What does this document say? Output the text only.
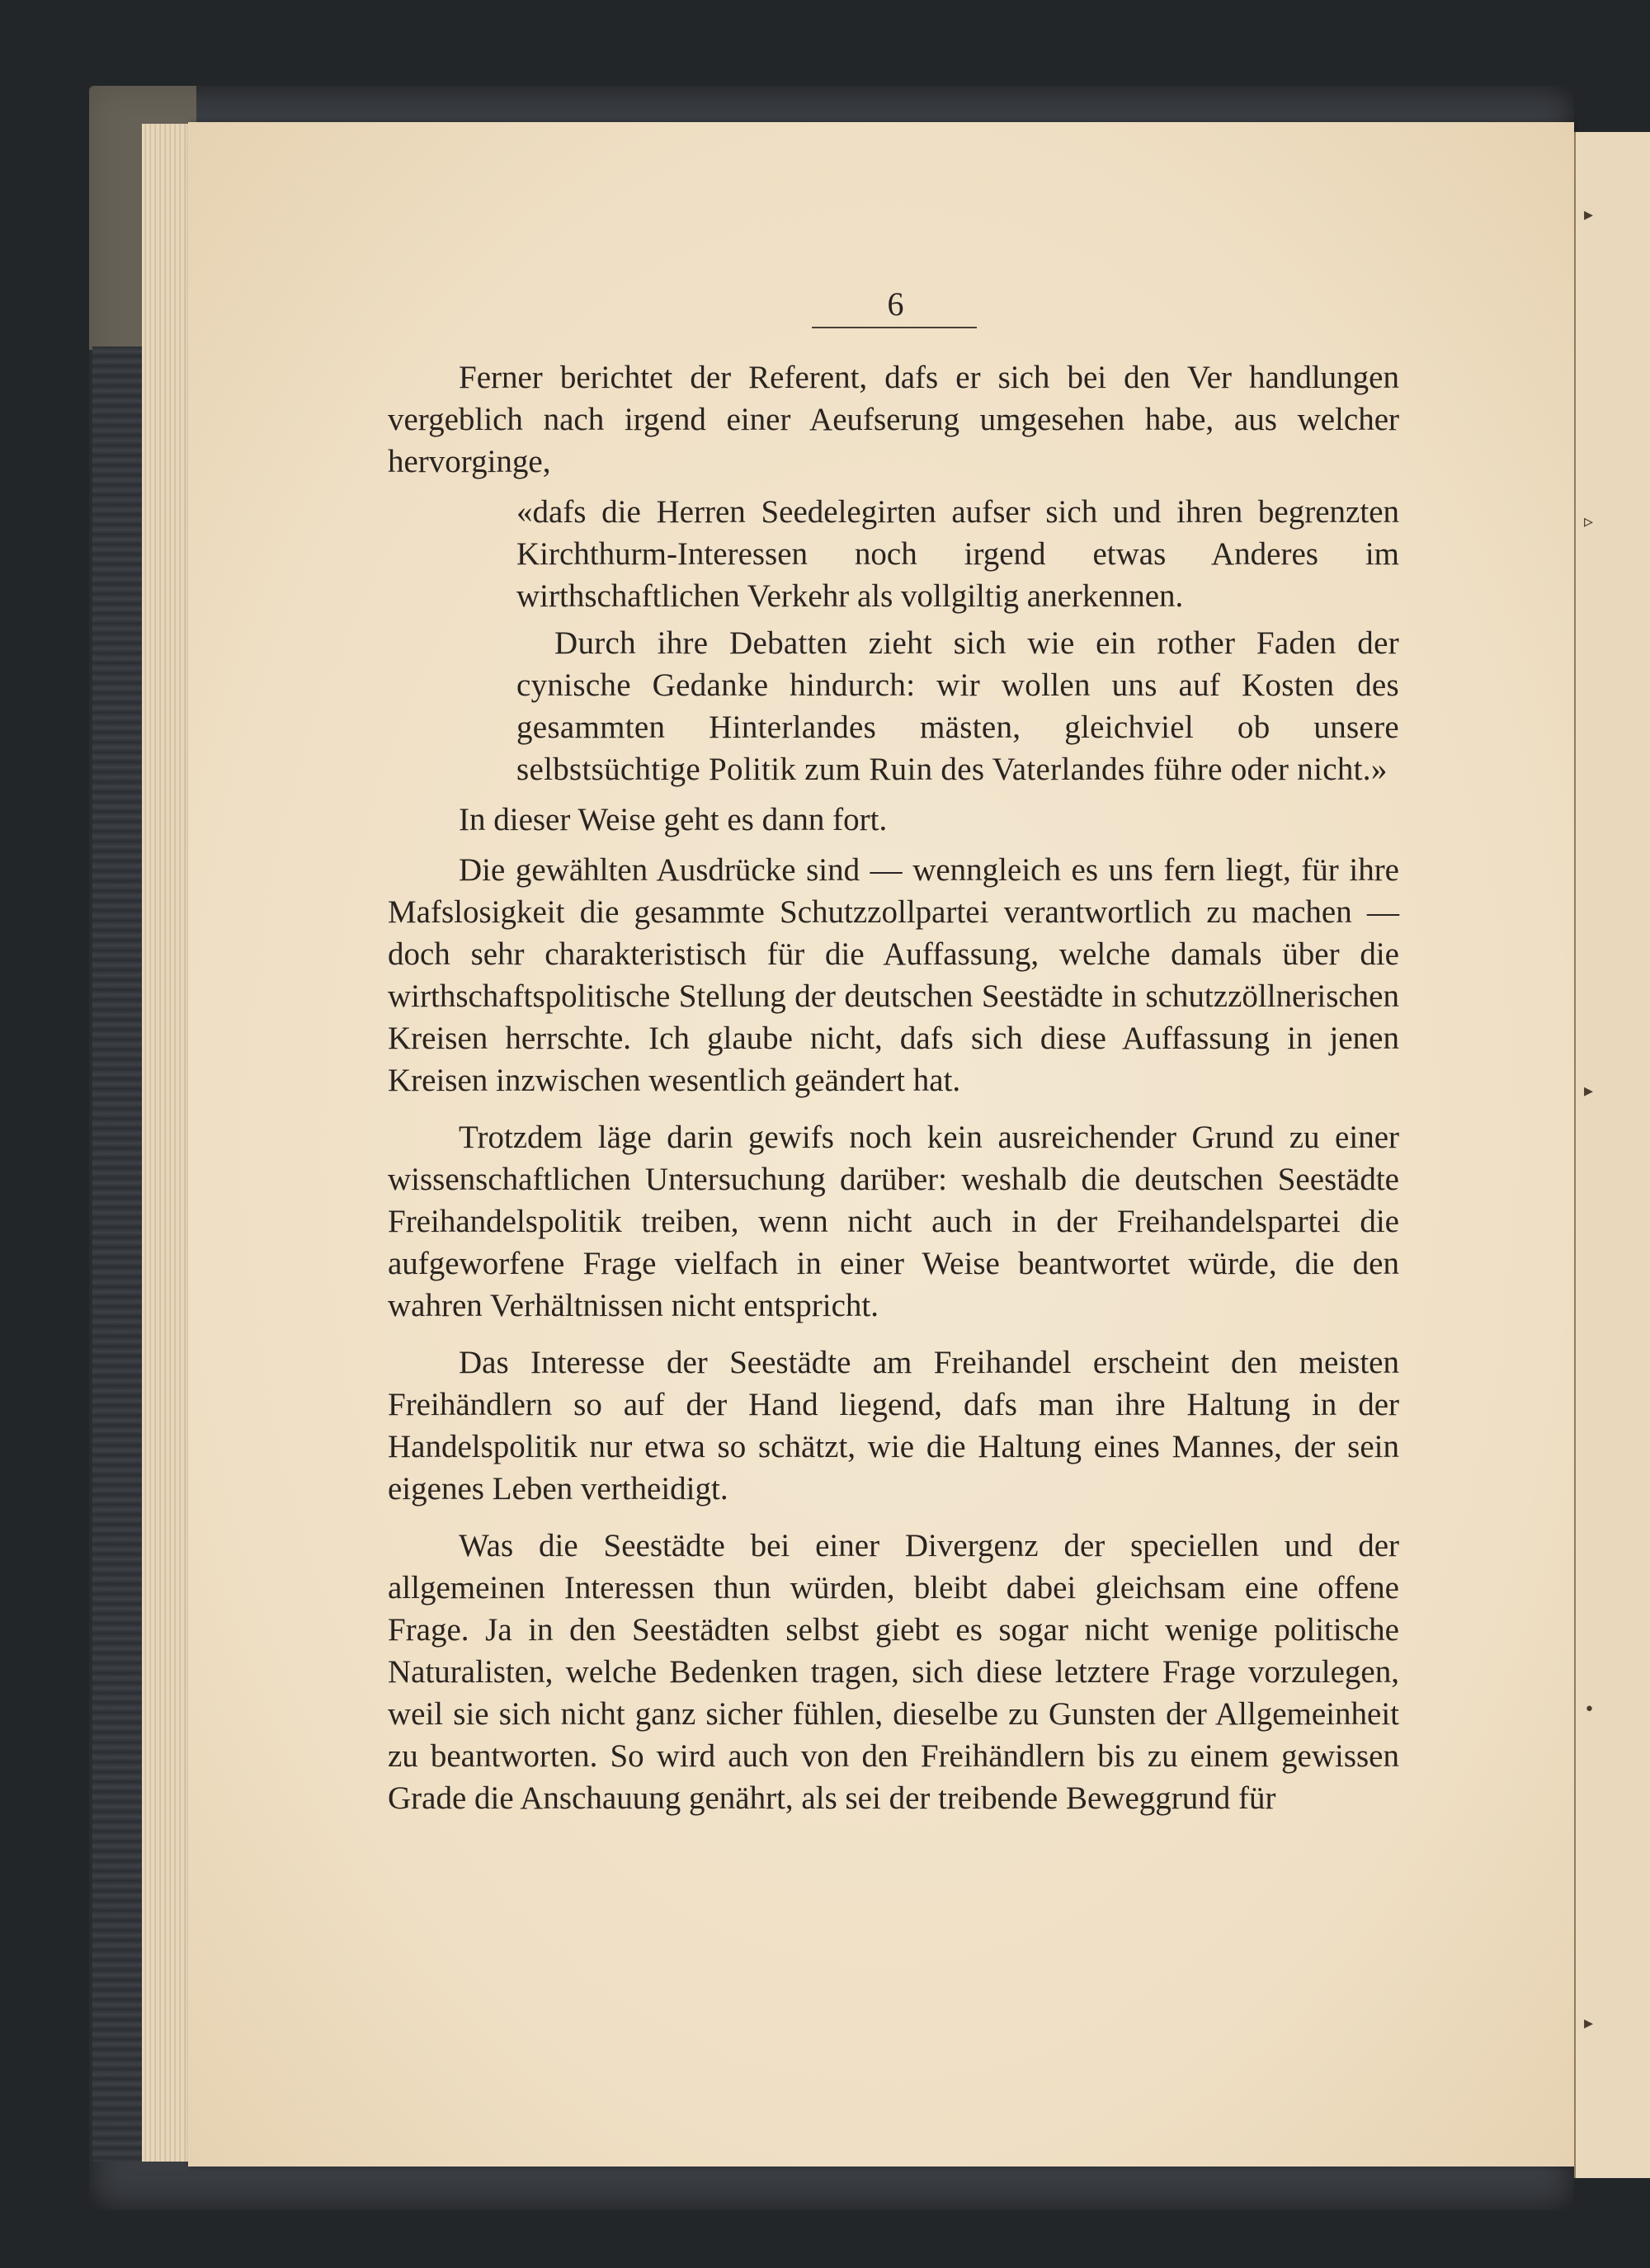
▸
▹
▸
•
▸
6

Ferner berichtet der Referent, dafs er sich bei den Ver handlungen vergeblich nach irgend einer Aeufserung umgesehen habe, aus welcher hervorginge,

«dafs die Herren Seedelegirten aufser sich und ihren begrenzten Kirchthurm-Interessen noch irgend etwas Anderes im wirthschaftlichen Verkehr als vollgiltig anerkennen.

Durch ihre Debatten zieht sich wie ein rother Faden der cynische Gedanke hindurch: wir wollen uns auf Kosten des gesammten Hinterlandes mästen, gleichviel ob unsere selbstsüchtige Politik zum Ruin des Vaterlandes führe oder nicht.»

In dieser Weise geht es dann fort.

Die gewählten Ausdrücke sind — wenngleich es uns fern liegt, für ihre Mafslosigkeit die gesammte Schutzzollpartei verantwortlich zu machen — doch sehr charakteristisch für die Auffassung, welche damals über die wirthschaftspolitische Stellung der deutschen Seestädte in schutzzöllnerischen Kreisen herrschte. Ich glaube nicht, dafs sich diese Auffassung in jenen Kreisen inzwischen wesentlich geändert hat.

Trotzdem läge darin gewifs noch kein ausreichender Grund zu einer wissenschaftlichen Untersuchung darüber: weshalb die deutschen Seestädte Freihandelspolitik treiben, wenn nicht auch in der Freihandelspartei die aufgeworfene Frage vielfach in einer Weise beantwortet würde, die den wahren Verhältnissen nicht entspricht.

Das Interesse der Seestädte am Freihandel erscheint den meisten Freihändlern so auf der Hand liegend, dafs man ihre Haltung in der Handelspolitik nur etwa so schätzt, wie die Haltung eines Mannes, der sein eigenes Leben vertheidigt.

Was die Seestädte bei einer Divergenz der speciellen und der allgemeinen Interessen thun würden, bleibt dabei gleichsam eine offene Frage. Ja in den Seestädten selbst giebt es sogar nicht wenige politische Naturalisten, welche Bedenken tragen, sich diese letztere Frage vorzulegen, weil sie sich nicht ganz sicher fühlen, dieselbe zu Gunsten der Allgemeinheit zu beantworten. So wird auch von den Freihändlern bis zu einem gewissen Grade die Anschauung genährt, als sei der treibende Beweggrund für
